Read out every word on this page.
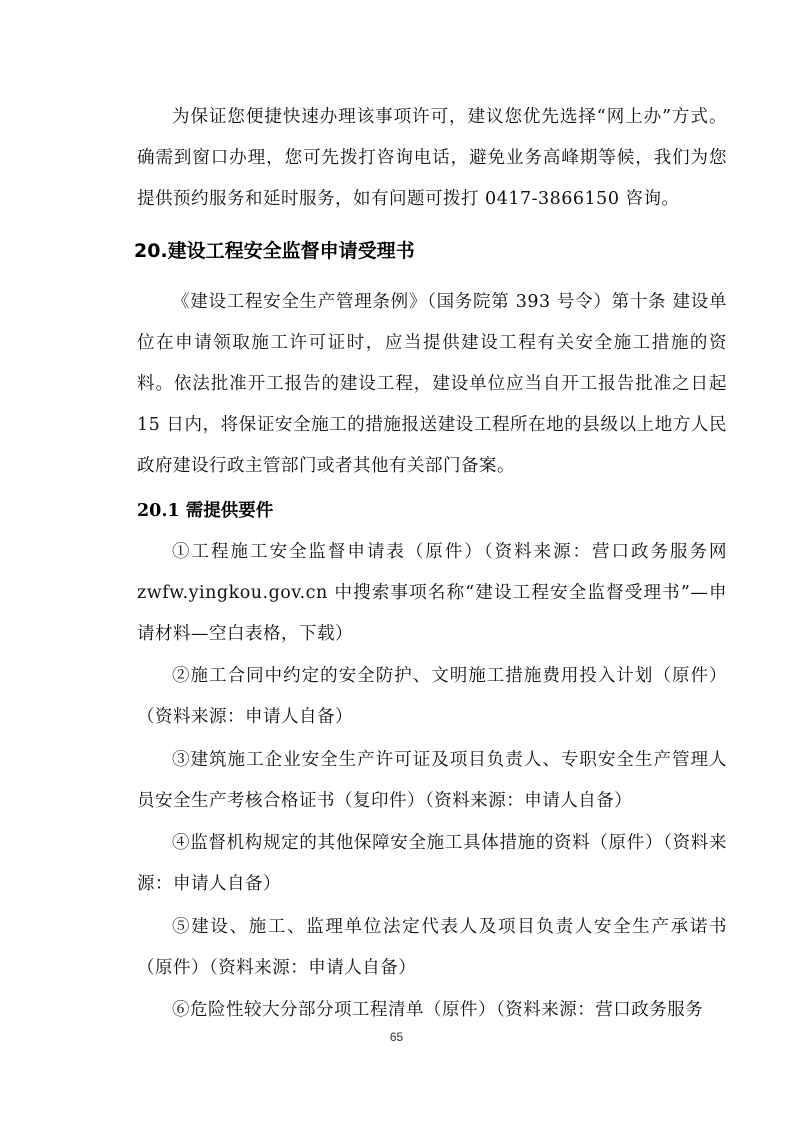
为保证您便捷快速办理该事项许可，建议您优先选择“网上办”方式。确需到窗口办理，您可先拨打咨询电话，避免业务高峰期等候，我们为您提供预约服务和延时服务，如有问题可拨打 0417-3866150 咨询。

20.建设工程安全监督申请受理书

《建设工程安全生产管理条例》（国务院第 393 号令）第十条 建设单位在申请领取施工许可证时，应当提供建设工程有关安全施工措施的资料。依法批准开工报告的建设工程，建设单位应当自开工报告批准之日起 15 日内，将保证安全施工的措施报送建设工程所在地的县级以上地方人民政府建设行政主管部门或者其他有关部门备案。

20.1 需提供要件

①工程施工安全监督申请表（原件）（资料来源：营口政务服务网 zwfw.yingkou.gov.cn 中搜索事项名称“建设工程安全监督受理书”—申请材料—空白表格，下载）

②施工合同中约定的安全防护、文明施工措施费用投入计划（原件）（资料来源：申请人自备）

③建筑施工企业安全生产许可证及项目负责人、专职安全生产管理人员安全生产考核合格证书（复印件）（资料来源：申请人自备）

④监督机构规定的其他保障安全施工具体措施的资料（原件）（资料来源：申请人自备）

⑤建设、施工、监理单位法定代表人及项目负责人安全生产承诺书（原件）（资料来源：申请人自备）

⑥危险性较大分部分项工程清单（原件）（资料来源：营口政务服务

65
